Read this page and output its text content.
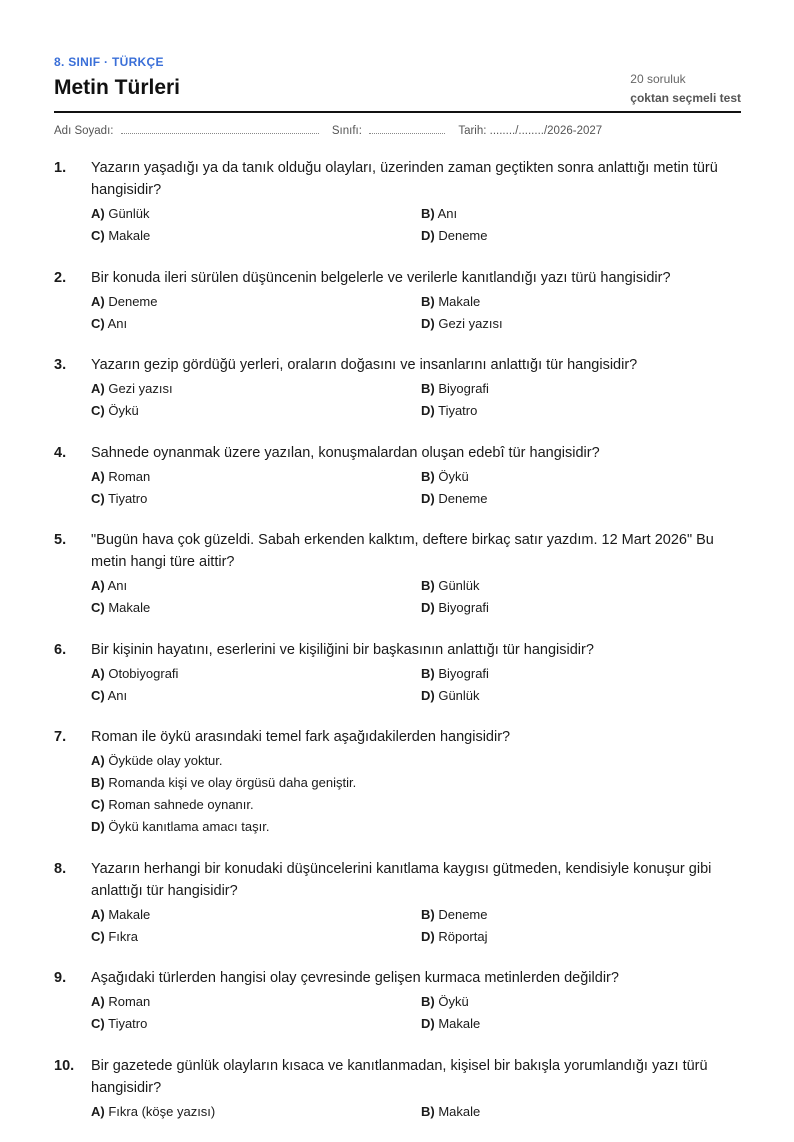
8. SINIF · TÜRKÇE
Metin Türleri	20 soruluk
çoktan seçmeli test
Adı Soyadı:	Sınıfı:	Tarih: ......../......../2026-2027
1.	Yazarın yaşadığı ya da tanık olduğu olayları, üzerinden zaman geçtikten sonra anlattığı metin türü hangisidir?
A) Günlük	B) Anı
C) Makale	D) Deneme
2.	Bir konuda ileri sürülen düşüncenin belgelerle ve verilerle kanıtlandığı yazı türü hangisidir?
A) Deneme	B) Makale
C) Anı	D) Gezi yazısı
3.	Yazarın gezip gördüğü yerleri, oraların doğasını ve insanlarını anlattığı tür hangisidir?
A) Gezi yazısı	B) Biyografi
C) Öykü	D) Tiyatro
4.	Sahnede oynanmak üzere yazılan, konuşmalardan oluşan edebî tür hangisidir?
A) Roman	B) Öykü
C) Tiyatro	D) Deneme
5.	"Bugün hava çok güzeldi. Sabah erkenden kalktım, deftere birkaç satır yazdım. 12 Mart 2026" Bu metin hangi türe aittir?
A) Anı	B) Günlük
C) Makale	D) Biyografi
6.	Bir kişinin hayatını, eserlerini ve kişiliğini bir başkasının anlattığı tür hangisidir?
A) Otobiyografi	B) Biyografi
C) Anı	D) Günlük
7.	Roman ile öykü arasındaki temel fark aşağıdakilerden hangisidir?
A) Öyküde olay yoktur.
B) Romanda kişi ve olay örgüsü daha geniştir.
C) Roman sahnede oynanır.
D) Öykü kanıtlama amacı taşır.
8.	Yazarın herhangi bir konudaki düşüncelerini kanıtlama kaygısı gütmeden, kendisiyle konuşur gibi anlattığı tür hangisidir?
A) Makale	B) Deneme
C) Fıkra	D) Röportaj
9.	Aşağıdaki türlerden hangisi olay çevresinde gelişen kurmaca metinlerden değildir?
A) Roman	B) Öykü
C) Tiyatro	D) Makale
10.	Bir gazetede günlük olayların kısaca ve kanıtlanmadan, kişisel bir bakışla yorumlandığı yazı türü hangisidir?
A) Fıkra (köşe yazısı)	B) Makale
